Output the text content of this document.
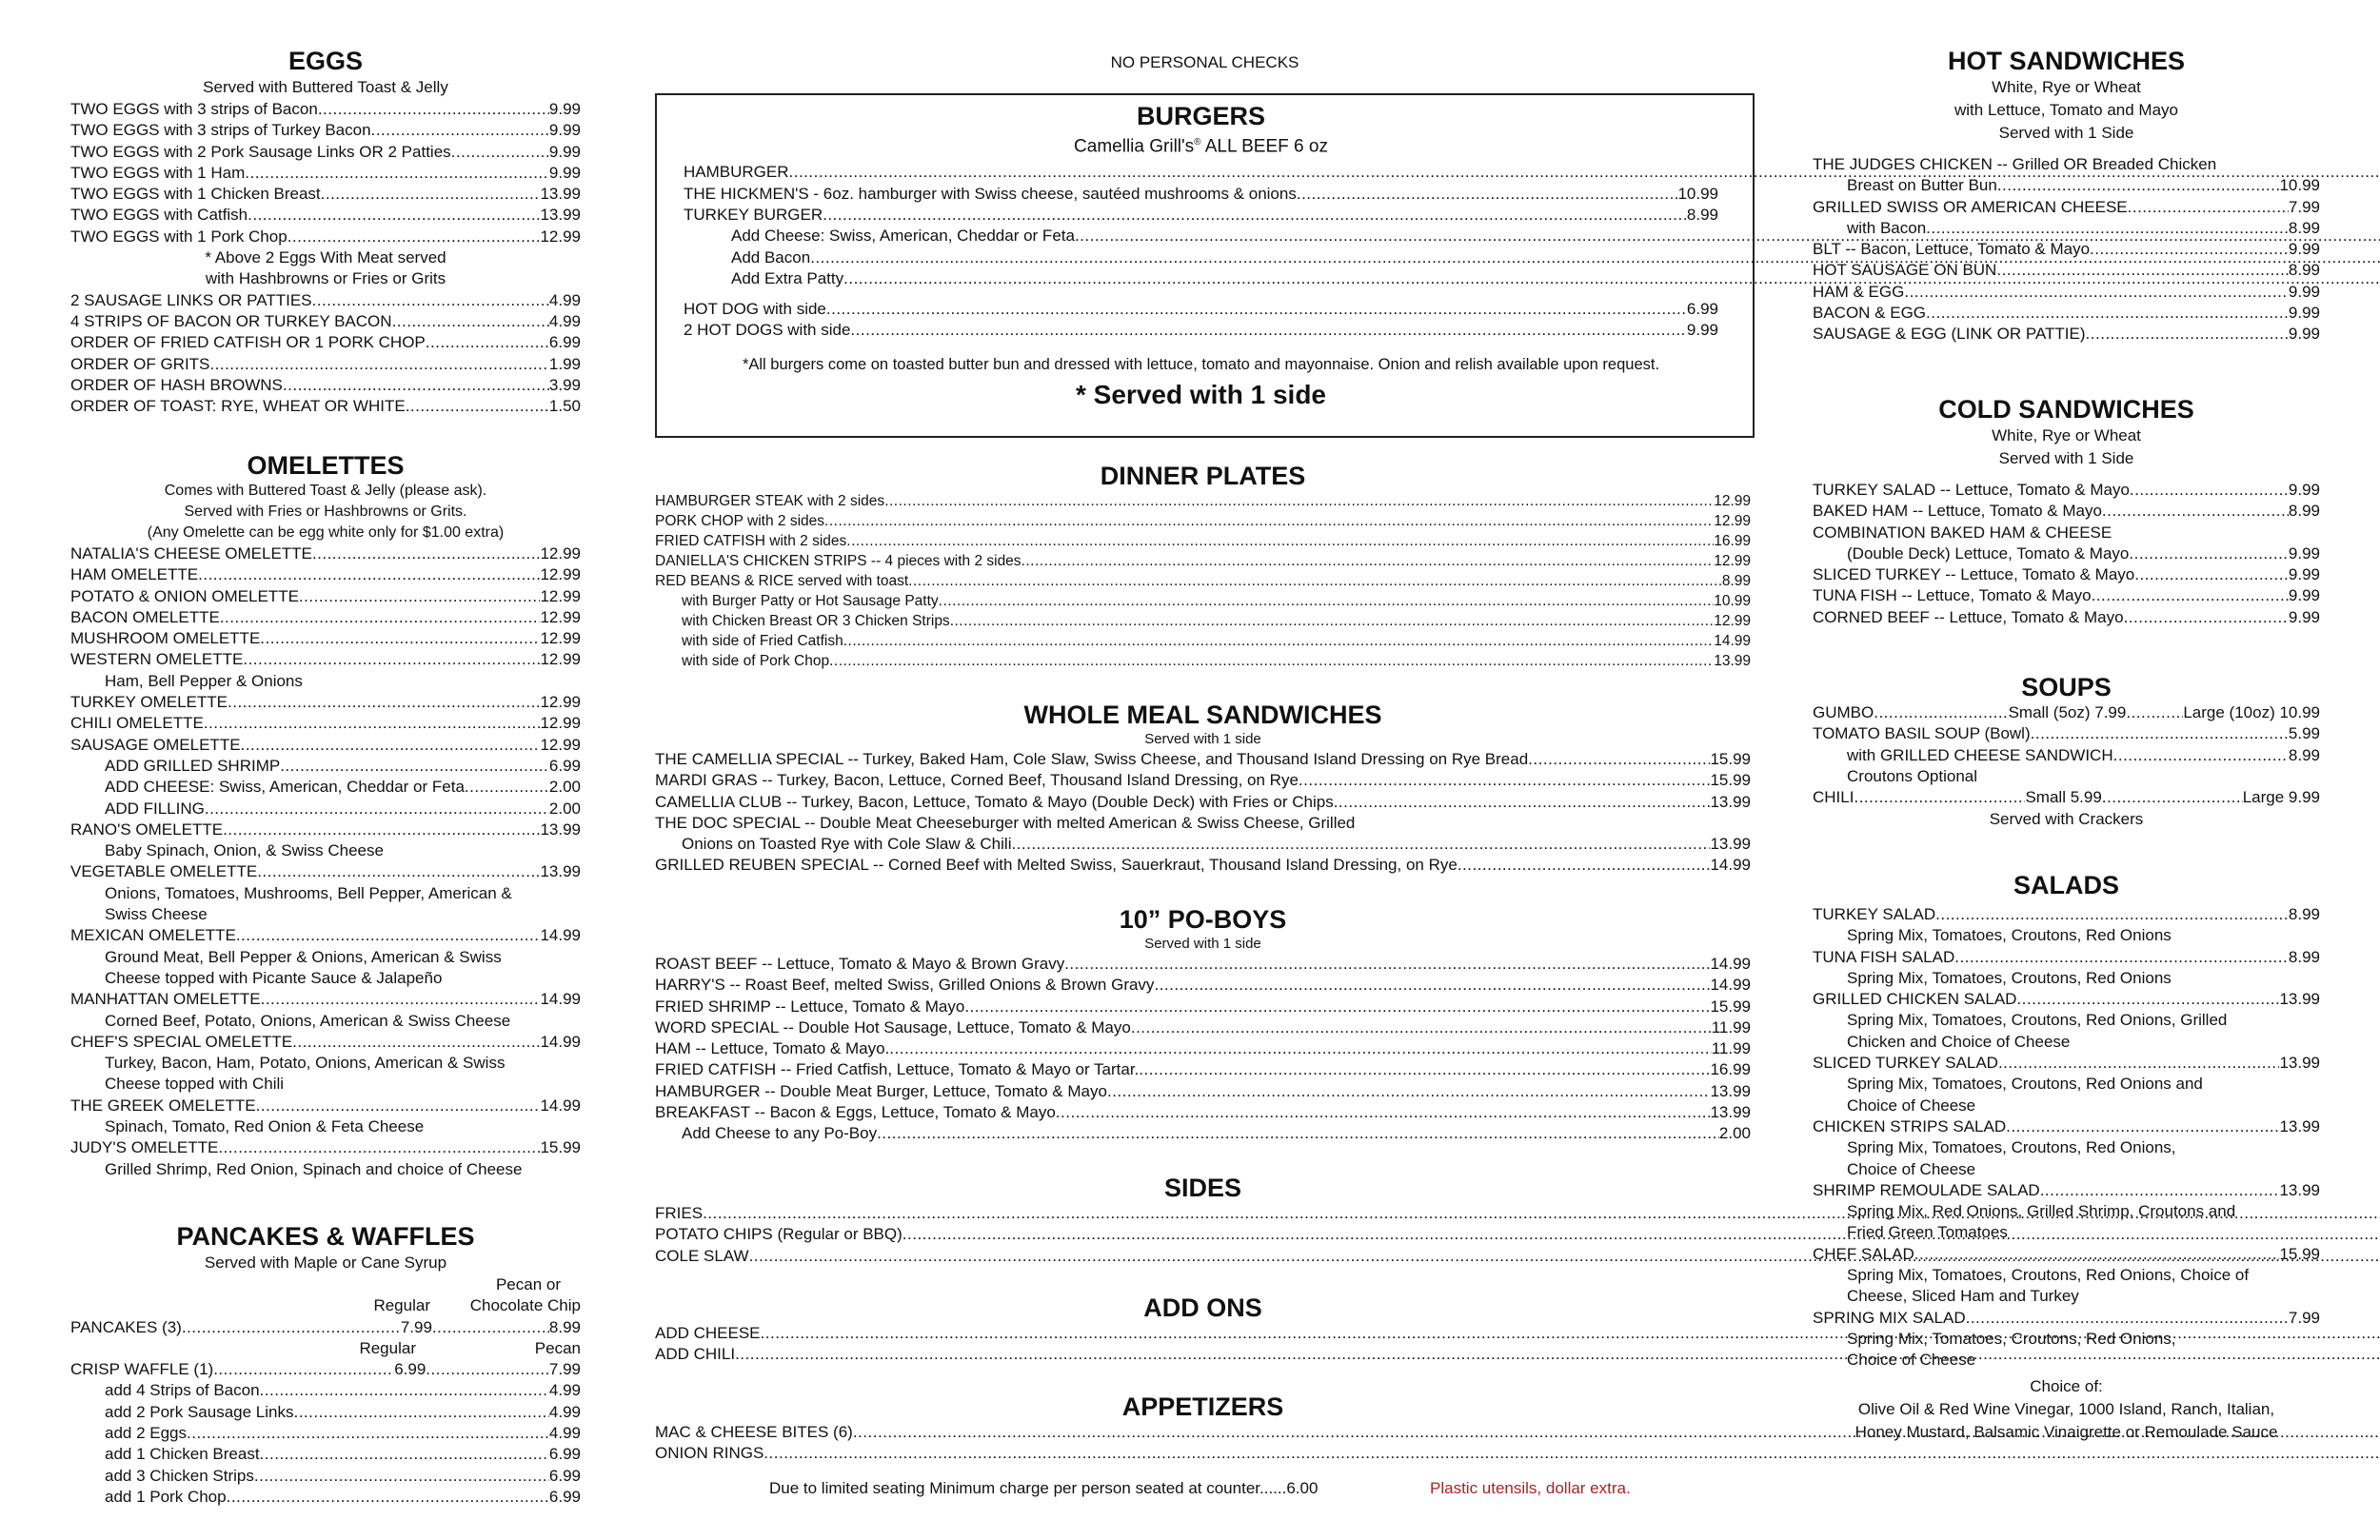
EGGS
Served with Buttered Toast & Jelly
TWO EGGS with 3 strips of Bacon .....	9.99
TWO EGGS with 3 strips of Turkey Bacon .....	9.99
TWO EGGS with 2 Pork Sausage Links OR 2 Patties .....	9.99
TWO EGGS with 1 Ham .....	9.99
TWO EGGS with 1 Chicken Breast .....	13.99
TWO EGGS with Catfish .....	13.99
TWO EGGS with 1 Pork Chop .....	12.99
* Above 2 Eggs With Meat served
with Hashbrowns or Fries or Grits
2 SAUSAGE LINKS OR PATTIES .....	4.99
4 STRIPS OF BACON OR TURKEY BACON .....	4.99
ORDER OF FRIED CATFISH OR 1 PORK CHOP .....	6.99
ORDER OF GRITS .....	1.99
ORDER OF HASH BROWNS .....	3.99
ORDER OF TOAST: RYE, WHEAT OR WHITE .....	1.50
OMELETTES
Comes with Buttered Toast & Jelly (please ask).
Served with Fries or Hashbrowns or Grits.
(Any Omelette can be egg white only for $1.00 extra)
NATALIA'S CHEESE OMELETTE .....	12.99
HAM OMELETTE .....	12.99
POTATO & ONION OMELETTE .....	12.99
BACON OMELETTE .....	12.99
MUSHROOM OMELETTE .....	12.99
WESTERN OMELETTE .....	12.99
Ham, Bell Pepper & Onions
TURKEY OMELETTE .....	12.99
CHILI OMELETTE .....	12.99
SAUSAGE OMELETTE .....	12.99
ADD GRILLED SHRIMP .....	6.99
ADD CHEESE: Swiss, American, Cheddar or Feta .....	2.00
ADD FILLING .....	2.00
RANO'S OMELETTE .....	13.99
Baby Spinach, Onion, & Swiss Cheese
VEGETABLE OMELETTE .....	13.99
Onions, Tomatoes, Mushrooms, Bell Pepper, American &
Swiss Cheese
MEXICAN OMELETTE .....	14.99
Ground Meat, Bell Pepper & Onions, American & Swiss
Cheese topped with Picante Sauce & Jalapeño
MANHATTAN OMELETTE .....	14.99
Corned Beef, Potato, Onions, American & Swiss Cheese
CHEF'S SPECIAL OMELETTE .....	14.99
Turkey, Bacon, Ham, Potato, Onions, American & Swiss
Cheese topped with Chili
THE GREEK OMELETTE .....	14.99
Spinach, Tomato, Red Onion & Feta Cheese
JUDY'S OMELETTE .....	15.99
Grilled Shrimp, Red Onion, Spinach and choice of Cheese
PANCAKES & WAFFLES
Served with Maple or Cane Syrup
Pecan or
Regular Chocolate Chip
PANCAKES (3) .....	7.99 .....	8.99
Regular	Pecan
CRISP WAFFLE (1) .....	6.99 .....	7.99
add 4 Strips of Bacon .....	4.99
add 2 Pork Sausage Links .....	4.99
add 2 Eggs .....	4.99
add 1 Chicken Breast .....	6.99
add 3 Chicken Strips .....	6.99
add 1 Pork Chop .....	6.99
NO PERSONAL CHECKS
BURGERS
Camellia Grill's® ALL BEEF 6 oz
HAMBURGER
.....
THE HICKMEN'S - 6oz. hamburger with Swiss cheese, sautéed mushrooms & onions .....	10.99
TURKEY BURGER .....	8.99
Add Cheese: Swiss, American, Cheddar or Feta
.....
Add Bacon
.....
Add Extra Patty
.....
HOT DOG with side .....	6.99
2 HOT DOGS with side .....	9.99
*All burgers come on toasted butter bun and dressed with lettuce, tomato and mayonnaise. Onion and relish available upon request.
* Served with 1 side
DINNER PLATES
HAMBURGER STEAK with 2 sides .....	12.99
PORK CHOP with 2 sides .....	12.99
FRIED CATFISH with 2 sides .....	16.99
DANIELLA'S CHICKEN STRIPS -- 4 pieces with 2 sides .....	12.99
RED BEANS & RICE served with toast .....	8.99
with Burger Patty or Hot Sausage Patty .....	10.99
with Chicken Breast OR 3 Chicken Strips .....	12.99
with side of Fried Catfish .....	14.99
with side of Pork Chop .....	13.99
WHOLE MEAL SANDWICHES
Served with 1 side
THE CAMELLIA SPECIAL -- Turkey, Baked Ham, Cole Slaw, Swiss Cheese, and Thousand Island Dressing on Rye Bread .....	15.99
MARDI GRAS -- Turkey, Bacon, Lettuce, Corned Beef, Thousand Island Dressing, on Rye .....	15.99
CAMELLIA CLUB -- Turkey, Bacon, Lettuce, Tomato & Mayo (Double Deck) with Fries or Chips .....	13.99
THE DOC SPECIAL -- Double Meat Cheeseburger with melted American & Swiss Cheese, Grilled
Onions on Toasted Rye with Cole Slaw & Chili .....	13.99
GRILLED REUBEN SPECIAL -- Corned Beef with Melted Swiss, Sauerkraut, Thousand Island Dressing, on Rye .....	14.99
10” PO-BOYS
Served with 1 side
ROAST BEEF -- Lettuce, Tomato & Mayo & Brown Gravy .....	14.99
HARRY'S -- Roast Beef, melted Swiss, Grilled Onions & Brown Gravy .....	14.99
FRIED SHRIMP -- Lettuce, Tomato & Mayo .....	15.99
WORD SPECIAL -- Double Hot Sausage, Lettuce, Tomato & Mayo .....	11.99
HAM -- Lettuce, Tomato & Mayo. .....	11.99
FRIED CATFISH -- Fried Catfish, Lettuce, Tomato & Mayo or Tartar. .....	16.99
HAMBURGER -- Double Meat Burger, Lettuce, Tomato & Mayo .....	13.99
BREAKFAST -- Bacon & Eggs, Lettuce, Tomato & Mayo .....	13.99
Add Cheese to any Po-Boy .....	2.00
SIDES
FRIES
.....
POTATO CHIPS (Regular or BBQ)
.....
COLE SLAW
.....
ADD ONS
ADD CHEESE
.....
ADD CHILI
.....
APPETIZERS
MAC & CHEESE BITES (6)
.....
ONION RINGS
.....
Due to limited seating Minimum charge per person seated at counter......6.00	Plastic utensils, dollar extra.
HOT SANDWICHES
White, Rye or Wheat
with Lettuce, Tomato and Mayo
Served with 1 Side
THE JUDGES CHICKEN -- Grilled OR Breaded Chicken
Breast on Butter Bun .....	10.99
GRILLED SWISS OR AMERICAN CHEESE .....	7.99
with Bacon .....	8.99
BLT -- Bacon, Lettuce, Tomato & Mayo .....	9.99
HOT SAUSAGE ON BUN .....	8.99
HAM & EGG .....	9.99
BACON & EGG .....	9.99
SAUSAGE & EGG (LINK OR PATTIE) .....	9.99
COLD SANDWICHES
White, Rye or Wheat
Served with 1 Side
TURKEY SALAD -- Lettuce, Tomato & Mayo .....	9.99
BAKED HAM -- Lettuce, Tomato & Mayo .....	8.99
COMBINATION BAKED HAM & CHEESE
(Double Deck) Lettuce, Tomato & Mayo .....	9.99
SLICED TURKEY -- Lettuce, Tomato & Mayo .....	9.99
TUNA FISH -- Lettuce, Tomato & Mayo .....	9.99
CORNED BEEF -- Lettuce, Tomato & Mayo .....	9.99
SOUPS
GUMBO .....	Small (5oz) 7.99 .....	Large (10oz) 10.99
TOMATO BASIL SOUP (Bowl) .....	5.99
with GRILLED CHEESE SANDWICH .....	8.99
Croutons Optional
CHILI .....	Small 5.99 .....	Large 9.99
Served with Crackers
SALADS
TURKEY SALAD .....	8.99
Spring Mix, Tomatoes, Croutons, Red Onions
TUNA FISH SALAD .....	8.99
Spring Mix, Tomatoes, Croutons, Red Onions
GRILLED CHICKEN SALAD .....	13.99
Spring Mix, Tomatoes, Croutons, Red Onions, Grilled
Chicken and Choice of Cheese
SLICED TURKEY SALAD .....	13.99
Spring Mix, Tomatoes, Croutons, Red Onions and
Choice of Cheese
CHICKEN STRIPS SALAD .....	13.99
Spring Mix, Tomatoes, Croutons, Red Onions,
Choice of Cheese
SHRIMP REMOULADE SALAD .....	13.99
Spring Mix, Red Onions, Grilled Shrimp, Croutons and
Fried Green Tomatoes
CHEF SALAD .....	15.99
Spring Mix, Tomatoes, Croutons, Red Onions, Choice of
Cheese, Sliced Ham and Turkey
SPRING MIX SALAD .....	7.99
Spring Mix, Tomatoes, Croutons, Red Onions,
Choice of Cheese
Choice of:
Olive Oil & Red Wine Vinegar, 1000 Island, Ranch, Italian,
Honey Mustard, Balsamic Vinaigrette or Remoulade Sauce
